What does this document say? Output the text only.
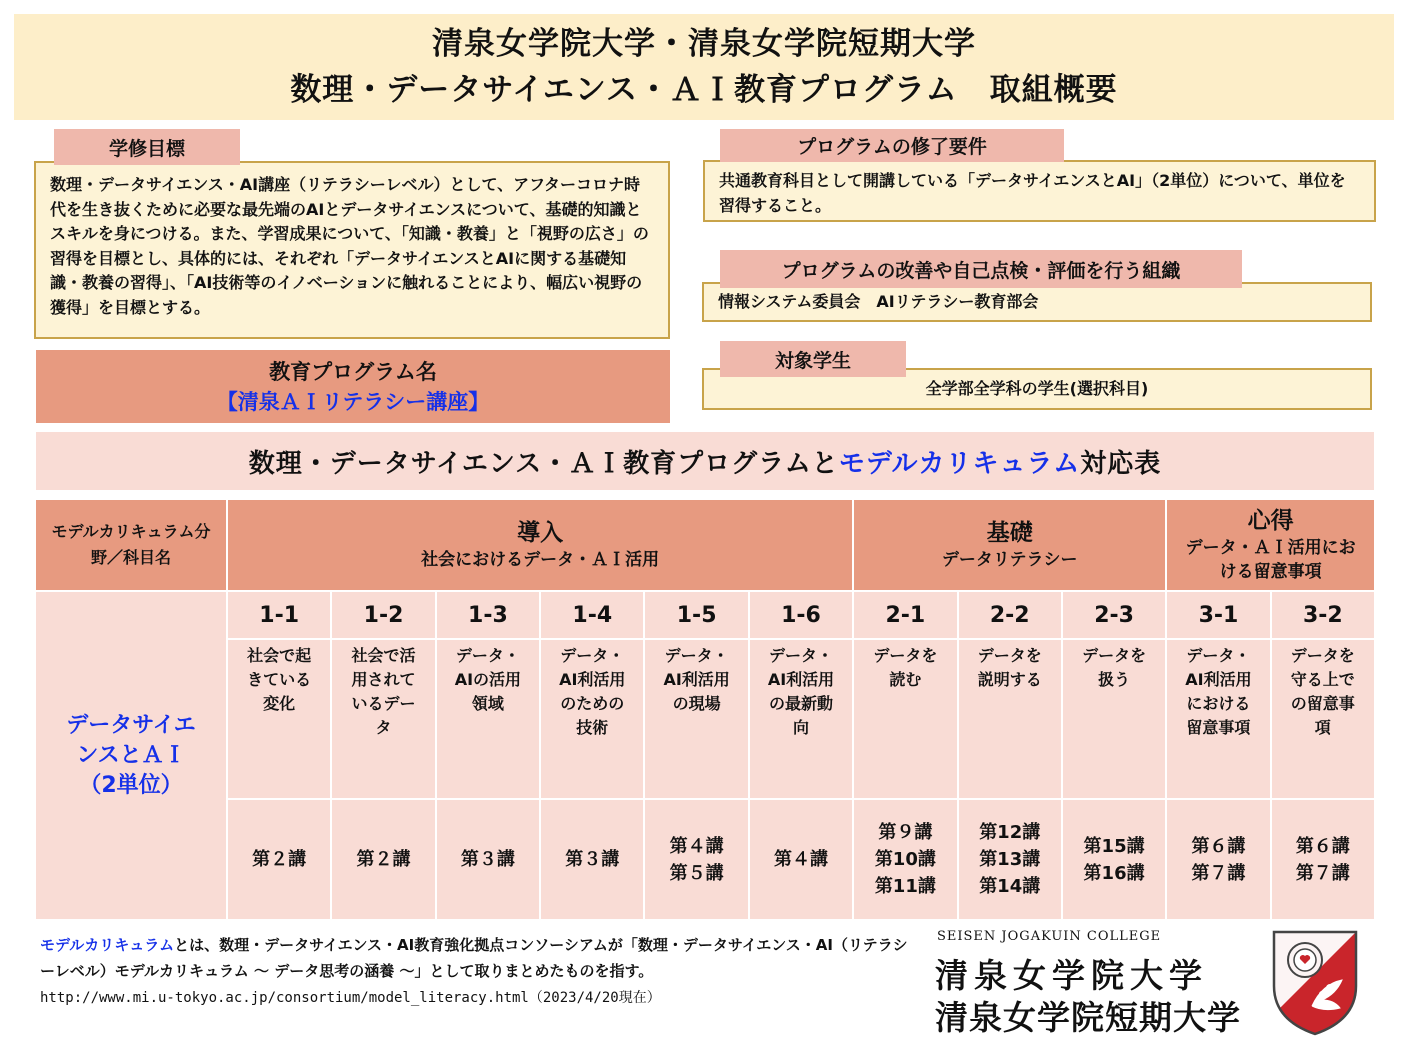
清泉女学院大学・清泉女学院短期大学
数理・データサイエンス・ＡＩ教育プログラム　取組概要
数理・データサイエンス・AI講座（リテラシーレベル）として、アフターコロナ時代を生き抜くために必要な最先端のAIとデータサイエンスについて、基礎的知識とスキルを身につける。また、学習成果について、「知識・教養」と「視野の広さ」の習得を目標とし、具体的には、それぞれ「データサイエンスとAIに関する基礎知識・教養の習得」、「AI技術等のイノベーションに触れることにより、幅広い視野の獲得」を目標とする。
学修目標
教育プログラム名
【清泉ＡＩリテラシー講座】
共通教育科目として開講している「データサイエンスとAI」（2単位）について、単位を習得すること。
プログラムの修了要件
情報システム委員会　AIリテラシー教育部会
プログラムの改善や自己点検・評価を行う組織
全学部全学科の学生(選択科目)
対象学生
数理・データサイエンス・ＡＩ教育プログラムと モデルカリキュラム 対応表
モデルカリキュラム分野／科目名
導入
社会におけるデータ・ＡＩ活用
基礎
データリテラシー
心得
データ・ＡＩ活用における留意事項
データサイエンスとＡＩ
（2単位）
1-1
社会で起きている変化
第２講
1-2
社会で活用されているデータ
第２講
1-3
データ・AIの活用領域
第３講
1-4
データ・AI利活用のための技術
第３講
1-5
データ・AI利活用の現場
第４講
第５講
1-6
データ・AI利活用の最新動向
第４講
2-1
データを読む
第９講
第10講
第11講
2-2
データを説明する
第12講
第13講
第14講
2-3
データを扱う
第15講
第16講
3-1
データ・AI利活用における留意事項
第６講
第７講
3-2
データを守る上での留意事項
第６講
第７講
モデルカリキュラムとは、数理・データサイエンス・AI教育強化拠点コンソーシアムが「数理・データサイエンス・AI（リテラシーレベル）モデルカリキュラム ～ データ思考の涵養 ～」として取りまとめたものを指す。
http://www.mi.u-tokyo.ac.jp/consortium/model_literacy.html（2023/4/20現在）
SEISEN JOGAKUIN COLLEGE
清泉女学院大学
清泉女学院短期大学
